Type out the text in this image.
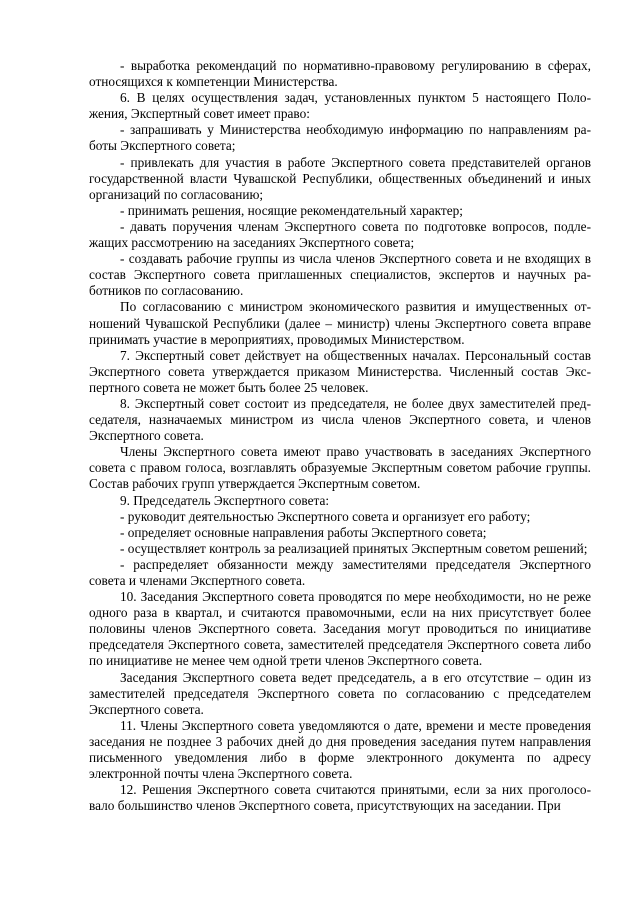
- выработка рекомендаций по нормативно-правовому регулированию в сферах, относящихся к компетенции Министерства.

6. В целях осуществления задач, установленных пунктом 5 настоящего Положения, Экспертный совет имеет право:

- запрашивать у Министерства необходимую информацию по направлениям работы Экспертного совета;

- привлекать для участия в работе Экспертного совета представителей органов государственной власти Чувашской Республики, общественных объединений и иных организаций по согласованию;

- принимать решения, носящие рекомендательный характер;

- давать поручения членам Экспертного совета по подготовке вопросов, подлежащих рассмотрению на заседаниях Экспертного совета;

- создавать рабочие группы из числа членов Экспертного совета и не входящих в состав Экспертного совета приглашенных специалистов, экспертов и научных работников по согласованию.

По согласованию с министром экономического развития и имущественных отношений Чувашской Республики (далее – министр) члены Экспертного совета вправе принимать участие в мероприятиях, проводимых Министерством.

7. Экспертный совет действует на общественных началах. Персональный состав Экспертного совета утверждается приказом Министерства. Численный состав Экспертного совета не может быть более 25 человек.

8. Экспертный совет состоит из председателя, не более двух заместителей председателя, назначаемых министром из числа членов Экспертного совета, и членов Экспертного совета.

Члены Экспертного совета имеют право участвовать в заседаниях Экспертного совета с правом голоса, возглавлять образуемые Экспертным советом рабочие группы. Состав рабочих групп утверждается Экспертным советом.

9. Председатель Экспертного совета:

- руководит деятельностью Экспертного совета и организует его работу;

- определяет основные направления работы Экспертного совета;

- осуществляет контроль за реализацией принятых Экспертным советом решений;

- распределяет обязанности между заместителями председателя Экспертного совета и членами Экспертного совета.

10. Заседания Экспертного совета проводятся по мере необходимости, но не реже одного раза в квартал, и считаются правомочными, если на них присутствует более половины членов Экспертного совета. Заседания могут проводиться по инициативе председателя Экспертного совета, заместителей председателя Экспертного совета либо по инициативе не менее чем одной трети членов Экспертного совета.

Заседания Экспертного совета ведет председатель, а в его отсутствие – один из заместителей председателя Экспертного совета по согласованию с председателем Экспертного совета.

11. Члены Экспертного совета уведомляются о дате, времени и месте проведения заседания не позднее 3 рабочих дней до дня проведения заседания путем направления письменного уведомления либо в форме электронного документа по адресу электронной почты члена Экспертного совета.

12. Решения Экспертного совета считаются принятыми, если за них проголосовало большинство членов Экспертного совета, присутствующих на заседании. При
